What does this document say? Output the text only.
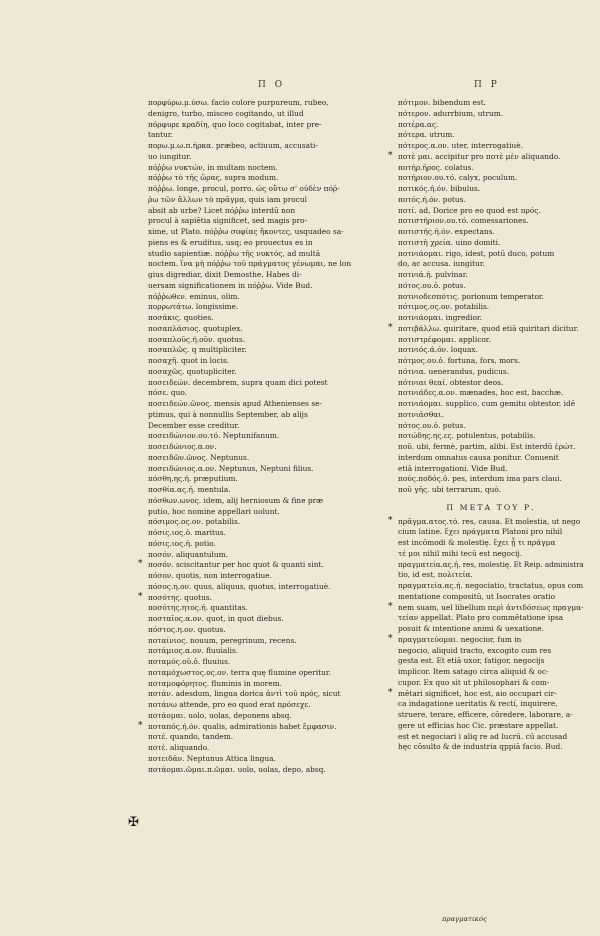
Π Ο	Π Ρ
πορφύρω.μ.ύσω. facio colore purpureum, rubeo,
denigro, turbo, misceo cogitando, ut illud
πόρφυρε κραδίη, quo loco cogitabat, inter pre-
tantur.
πορω.μ.ω.π.ήρκα. præbeo, actiuum, accusati-
uo iungitur.
πόῤῥω νυκτών, in multam noctem.
πόῤῥω τὸ τῆς ὥρας, supra modum.
πόῤῥω. longe, procul, porro. ώς οὔτω σ' οὐδὲν πόῤ-
ῥω τῶν ἄλλων τὸ πρᾶγμα, quis iam procul
absit ab urbe? Licet πόῤῥω interdū non
procul à sapiētia significet, sed magis pro-
xime, ut Plato. πόῤῥω σοφίας ἥκοντες, usquadeo sa-
piens es & eruditus, usq; eo prouectus es in
studio sapientiæ. πόῤῥω τῆς νυκτός, ad multā
noctem. ἵνα μὴ πόῤῥω τοῦ πράγματος γένωμαι, ne lon
gius digrediar, dixit Demosthe. Habes di-
uersam significationem in πόῤῥω. Vide Bud.
πόῤῥωθεν. eminus, olim.
πορρωτάτω. longissime.
ποσάκις. quoties.
ποσαπλάσιος. quotuplex.
ποσαπλοῦς.ή.οῦν. quotus.
ποσαπλῶς. q multipliciter.
ποσαχῆ. quot in locis.
ποσαχῶς. quotupliciter.
ποσειδεών. decembrem, supra quam dici potest
πόσε. quo.
ποσειδεών.ῶνος. mensis apud Athenienses se-
ptimus, qui à nonnullis September, ab alijs
December esse creditur.
ποσειδώνιον.ου.τό. Neptunifanum.
ποσειδώνιος.α.ον.
ποσειδῶν.ῶνος. Neptunus.
ποσειδώνιος.α.ον. Neptunus, Neptuni filius.
πόσθη.ης.ή. præputium.
ποσθία.ας.ή. mentula.
πόσθων.ωνος. idem, alij herniosum & fine præ
putio, hoc nomine appellari uolunt.
πόσιμος.ος.ον. potabilis.
πόσις.ιος.ὁ. maritus.
πόσις.ιος.ή. potio.
ποσόν. aliquantulum.
* ποσόν. sciscitantur per hoc quot & quanti sint.
πόσον. quotis, non interrogatiue.
πόσος.η.ον. quus, aliquus, quotus, interrogatiuè.
* ποσότης. quotus.
ποσότης.ητος.ή. quantitas.
ποσταῖος.α.ον. quot, in quot diebus.
πόστος.η.ον. quotus.
ποταίνιος. nouum, peregrinum, recens.
ποτάμιος.α.ον. fluuialis.
ποταμός.οῦ.ὁ. fluuius.
ποταμόχωστος.ος.ον. terra quę flumine operitur.
ποταμοφόρητος. fluminis in morem.
ποτάν. adesdum, lingua dorica ἀντὶ τοῦ πρός, sicut
ποτάνω attende, pro eo quod erat πρόσεχε.
ποτάομαι. uolo, uolas, deponens absq.
* ποταπός.ή.όν. qualis, admirationis habet ἔμφασιν.
ποτέ. quando, tandem.
ποτὲ. aliquando.
ποτειδᾶν. Neptunus Attica lingua.
ποτάομαι.ῶμαι.π.ῶμαι. uolo, uolas, depo, absq.
πότιμον. bibendum est.
πότερον. adurrbium, utrum.
ποτέρα.ας.
πότερα. utrum.
πότερος.α.ον. uter, interrogatiuè.
* ποτὲ μαι. accipitur pro ποτὲ μὲν aliquando.
ποτήρ.ῆρος. colatus.
ποτήριον.ου.τό. calyx, poculum.
ποτικός.ή.όν. bibulus.
ποτός.ή.όν. potus.
ποτί. ad, Dorice pro eo quod est πρός.
ποτιστήριον.ου.τό. comessariones.
ποτιστής.ή.όν. expectans.
ποτιστὴ χρεία. uino domiti.
ποτνιάομαι. rigo, idest, potū duco, potum
do, ac accusa. iungitur.
ποτνιά.ή. pulvinar.
πότος.ου.ὁ. potus.
ποτνιοδεσπότις. porionum temperator.
πότιμος.ος.ον. potabilis.
ποτνιάομαι. ingredior.
* ποτιβάλλω. quiritare, quod etiā quiritari dicitur.
ποτιστρέφομαι. applicor.
ποτνιός.ά.όν. loquax.
πότμος.ου.ὁ. fortuna, fors, mors.
πότνια. uenerandus, pudicus.
πότνιαι θεαί. obtestor deos.
ποτνιάδες.α.ον. mænades, hoc est, bacchæ.
ποτνιάομαι. supplico, cum gemitu obtestor. idē
ποτνιᾶσθαι.
πότος.ου.ὁ. potus.
ποτώδης.ης.ες. potulentus, potabilis.
ποῦ. ubi, fermè, partim, alibi. Est interdū ἐρώτ.
interdum omnatus causa ponitur. Conuenit
etiā interrogationi. Vide Bud.
πούς.ποδός.ὁ. pes, interdum ima pars claui.
ποῦ γῆς. ubi terrarum, quò.
Π ΜΕΤΑ ΤΟΥ Ρ.
* πρᾶγμα.ατος.τό. res, causa. Et molestia, ut nego
cium latine. ἔχει πράγματα Platoni pro nihil
est incōmodi & molestię. ἔχει ᾗ τι πράγμα
τέ μοι nihil mihi tecū est negocij.
πραγματεία.ας.ή. res, molestię. Et Reip. administra
tio, id est, πολιτεία.
πραγματεία.ας.ή. negociatio, tractatus, opus com
mentatione compositū, ut Isocrates oratio
* nem suam, uel libellum περὶ ἀντιδόσεως πραγμα-
τείαν appellat. Plato pro commētatione ipsa
posuit & intentione animi & uexatione.
* πραγματεύομαι. negocior, fum in
negocio, aliquid tracto, excogito cum res
gesta est. Et etiā uxor, fatigor, negocijs
implicor. Item satago circa aliquid & oc-
cupor. Ex quo sit ut philosophari & com-
* mētari significet, hoc est, aio occupari cir-
ca indagatione ueritatis & rectí, inquirere,
struere, terare, efficere, cōredere, laborare, a-
gere ut efficias hoc Cic. præstare appellat.
est et negociari i aliq re ad lucrū. cū accusad
hęc cōsulto & de industria qppiā facio. Bud.
✠
πραγματικός
